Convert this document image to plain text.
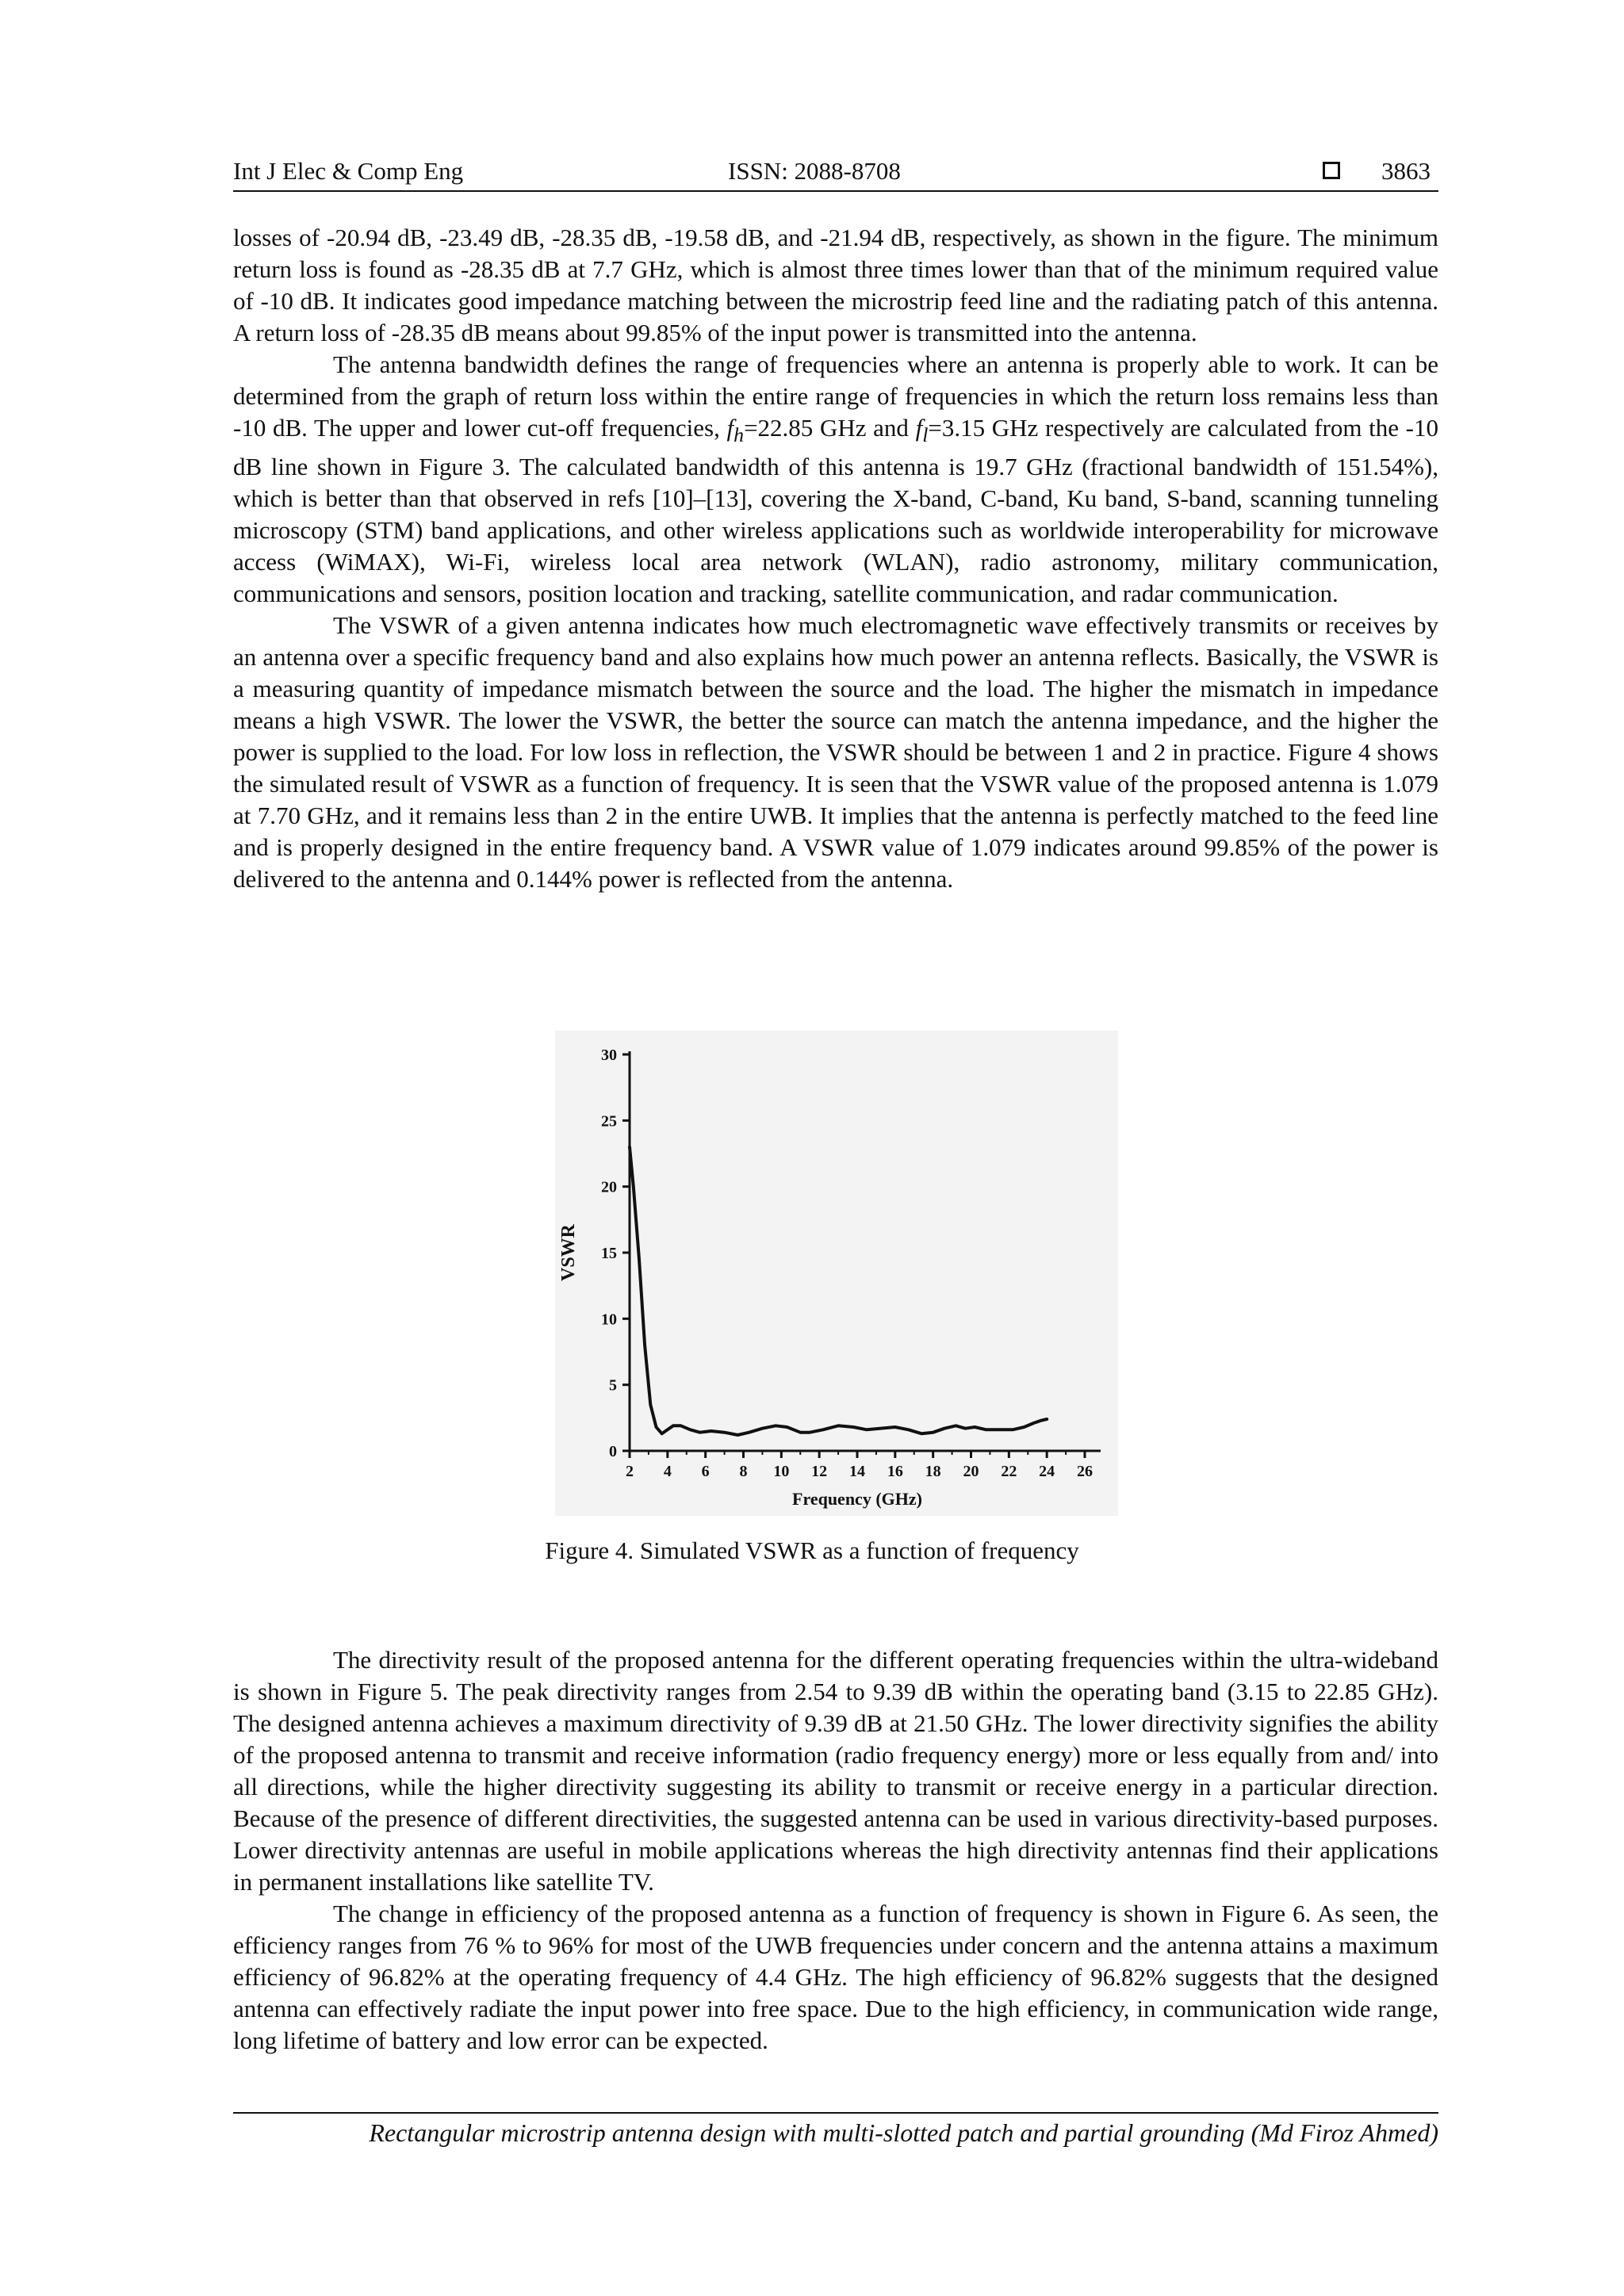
Int J Elec & Comp Eng	ISSN: 2088-8708	3863

losses of -20.94 dB, -23.49 dB, -28.35 dB, -19.58 dB, and -21.94 dB, respectively, as shown in the figure. The minimum return loss is found as -28.35 dB at 7.7 GHz, which is almost three times lower than that of the minimum required value of -10 dB. It indicates good impedance matching between the microstrip feed line and the radiating patch of this antenna. A return loss of -28.35 dB means about 99.85% of the input power is transmitted into the antenna.

The antenna bandwidth defines the range of frequencies where an antenna is properly able to work. It can be determined from the graph of return loss within the entire range of frequencies in which the return loss remains less than -10 dB. The upper and lower cut-off frequencies, $f_h=22.85$ GHz and $f_l=3.15$ GHz respectively are calculated from the -10 dB line shown in Figure 3. The calculated bandwidth of this antenna is 19.7 GHz (fractional bandwidth of 151.54%), which is better than that observed in refs [10]–[13], covering the X-band, C-band, Ku band, S-band, scanning tunneling microscopy (STM) band applications, and other wireless applications such as worldwide interoperability for microwave access (WiMAX), Wi-Fi, wireless local area network (WLAN), radio astronomy, military communication, communications and sensors, position location and tracking, satellite communication, and radar communication.

The VSWR of a given antenna indicates how much electromagnetic wave effectively transmits or receives by an antenna over a specific frequency band and also explains how much power an antenna reflects. Basically, the VSWR is a measuring quantity of impedance mismatch between the source and the load. The higher the mismatch in impedance means a high VSWR. The lower the VSWR, the better the source can match the antenna impedance, and the higher the power is supplied to the load. For low loss in reflection, the VSWR should be between 1 and 2 in practice. Figure 4 shows the simulated result of VSWR as a function of frequency. It is seen that the VSWR value of the proposed antenna is 1.079 at 7.70 GHz, and it remains less than 2 in the entire UWB. It implies that the antenna is perfectly matched to the feed line and is properly designed in the entire frequency band. A VSWR value of 1.079 indicates around 99.85% of the power is delivered to the antenna and 0.144% power is reflected from the antenna.

2 4 6 8 10 12 14 16 18 20 22 24 26
0
5
10
15
20
25
30
Frequency (GHz)
VSWR
Figure 4. Simulated VSWR as a function of frequency

The directivity result of the proposed antenna for the different operating frequencies within the ultra-wideband is shown in Figure 5. The peak directivity ranges from 2.54 to 9.39 dB within the operating band (3.15 to 22.85 GHz). The designed antenna achieves a maximum directivity of 9.39 dB at 21.50 GHz. The lower directivity signifies the ability of the proposed antenna to transmit and receive information (radio frequency energy) more or less equally from and/ into all directions, while the higher directivity suggesting its ability to transmit or receive energy in a particular direction. Because of the presence of different directivities, the suggested antenna can be used in various directivity-based purposes. Lower directivity antennas are useful in mobile applications whereas the high directivity antennas find their applications in permanent installations like satellite TV.

The change in efficiency of the proposed antenna as a function of frequency is shown in Figure 6. As seen, the efficiency ranges from 76 % to 96% for most of the UWB frequencies under concern and the antenna attains a maximum efficiency of 96.82% at the operating frequency of 4.4 GHz. The high efficiency of 96.82% suggests that the designed antenna can effectively radiate the input power into free space. Due to the high efficiency, in communication wide range, long lifetime of battery and low error can be expected.

Rectangular microstrip antenna design with multi-slotted patch and partial grounding (Md Firoz Ahmed)
